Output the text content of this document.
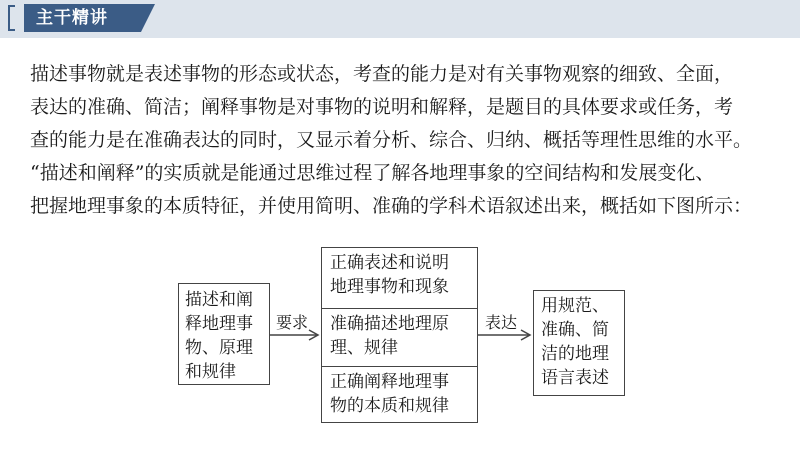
主干精讲
描述事物就是表述事物的形态或状态，考查的能力是对有关事物观察的细致、全面，
表达的准确、简洁；阐释事物是对事物的说明和解释，是题目的具体要求或任务，考
查的能力是在准确表达的同时，又显示着分析、综合、归纳、概括等理性思维的水平。
“描述和阐释”的实质就是能通过思维过程了解各地理事象的空间结构和发展变化、
把握地理事象的本质特征，并使用简明、准确的学科术语叙述出来，概括如下图所示：
要求	表达
描述和阐
释地理事
物、原理
和规律
正确表述和说明
地理事物和现象
准确描述地理原
理、规律
正确阐释地理事
物的本质和规律
用规范、
准确、简
洁的地理
语言表述
